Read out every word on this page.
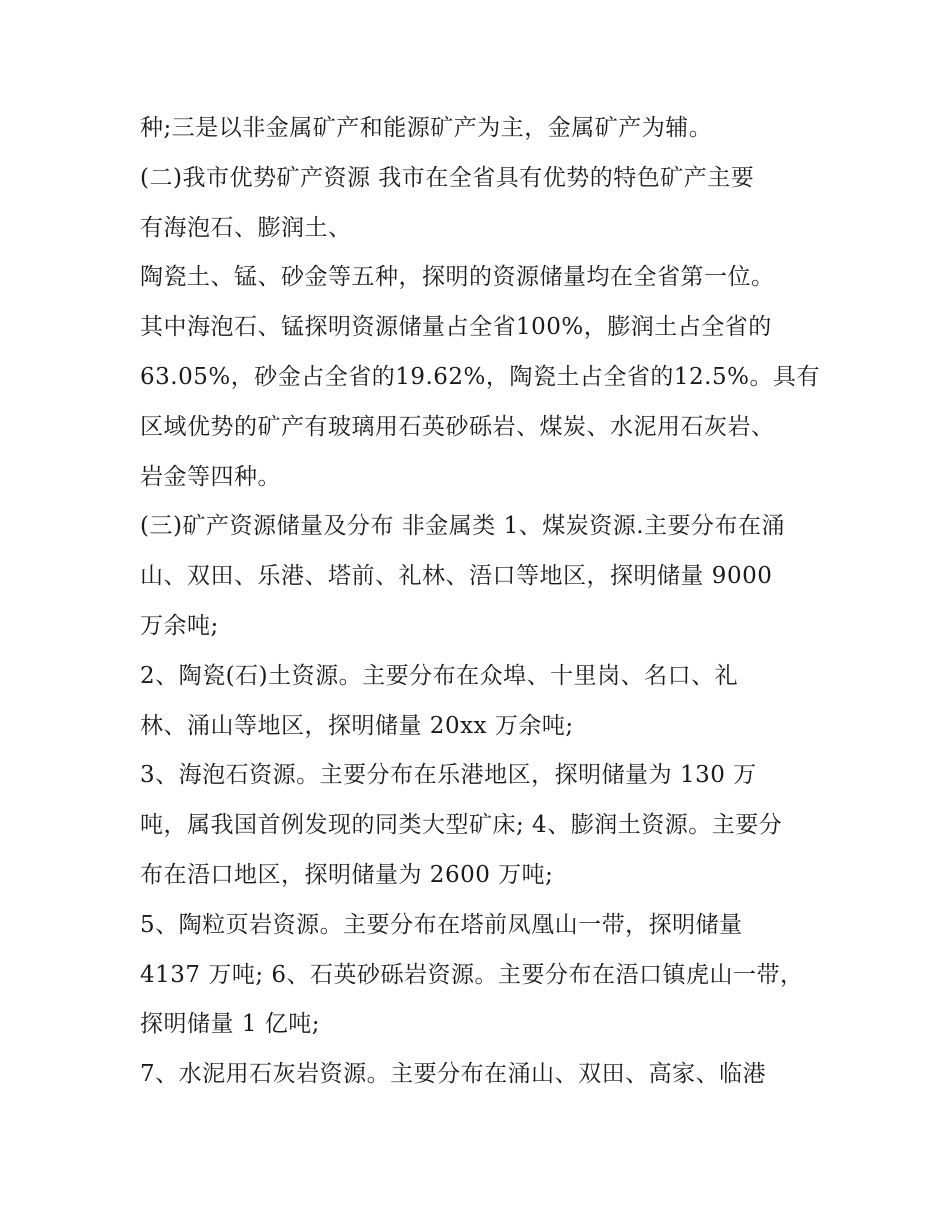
种;三是以非金属矿产和能源矿产为主，金属矿产为辅。
(二)我市优势矿产资源 我市在全省具有优势的特色矿产主要
有海泡石、膨润土、
陶瓷土、锰、砂金等五种，探明的资源储量均在全省第一位。
其中海泡石、锰探明资源储量占全省100%，膨润土占全省的
63.05%，砂金占全省的19.62%，陶瓷土占全省的12.5%。具有
区域优势的矿产有玻璃用石英砂砾岩、煤炭、水泥用石灰岩、
岩金等四种。
(三)矿产资源储量及分布 非金属类 1、煤炭资源.主要分布在涌
山、双田、乐港、塔前、礼林、浯口等地区，探明储量 9000
万余吨;
2、陶瓷(石)土资源。主要分布在众埠、十里岗、名口、礼
林、涌山等地区，探明储量 20xx 万余吨;
3、海泡石资源。主要分布在乐港地区，探明储量为 130 万
吨，属我国首例发现的同类大型矿床; 4、膨润土资源。主要分
布在浯口地区，探明储量为 2600 万吨;
5、陶粒页岩资源。主要分布在塔前凤凰山一带，探明储量
4137 万吨; 6、石英砂砾岩资源。主要分布在浯口镇虎山一带，
探明储量 1 亿吨;
7、水泥用石灰岩资源。主要分布在涌山、双田、高家、临港
